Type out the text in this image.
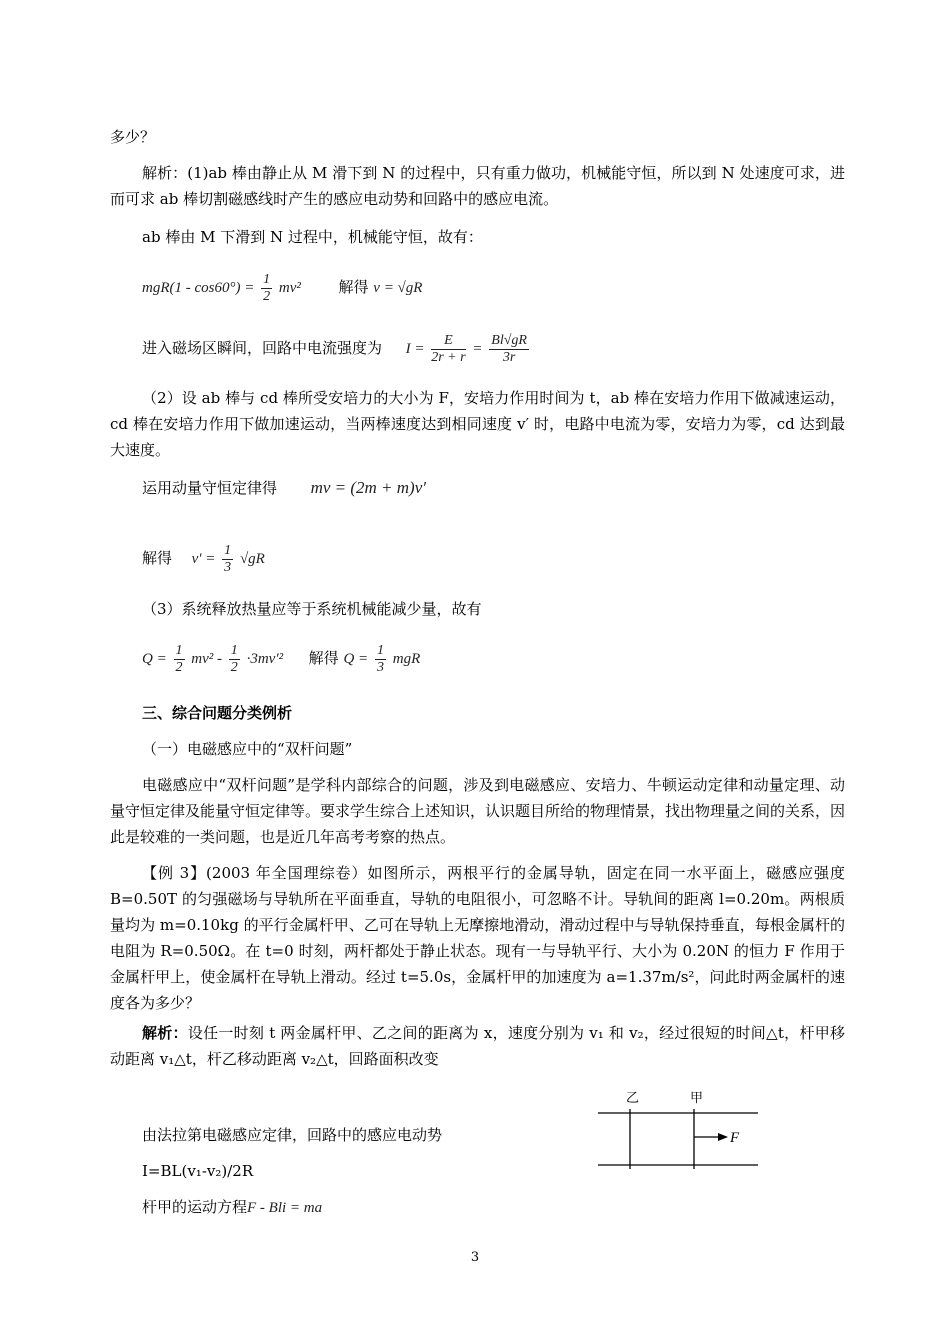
多少？
解析：(1)ab 棒由静止从 M 滑下到 N 的过程中，只有重力做功，机械能守恒，所以到 N 处速度可求，进而可求 ab 棒切割磁感线时产生的感应电动势和回路中的感应电流。
ab 棒由 M 下滑到 N 过程中，机械能守恒，故有：
$mgR(1 - \cos 60^\circ) = \frac{1}{2} mv^2$	解得 v = √gR
进入磁场区瞬间，回路中电流强度为 $I = \frac{E}{2r + r} = \frac{Bl√gR}{3r}$
（2）设 ab 棒与 cd 棒所受安培力的大小为 F，安培力作用时间为 t，ab 棒在安培力作用下做减速运动，cd 棒在安培力作用下做加速运动，当两棒速度达到相同速度 v′ 时，电路中电流为零，安培力为零，cd 达到最大速度。
运用动量守恒定律得 mv = (2m + m)v′
解得 $v' = \frac{1}{3} √gR$
（3）系统释放热量应等于系统机械能减少量，故有
$Q = \frac{1}{2} mv^2 - \frac{1}{2} \cdot 3mv'^2$ 解得 $Q = \frac{1}{3}$ mgR
三、综合问题分类例析
（一）电磁感应中的“双杆问题”
电磁感应中“双杆问题”是学科内部综合的问题，涉及到电磁感应、安培力、牛顿运动定律和动量定理、动量守恒定律及能量守恒定律等。要求学生综合上述知识，认识题目所给的物理情景，找出物理量之间的关系，因此是较难的一类问题，也是近几年高考考察的热点。
【例 3】(2003 年全国理综卷）如图所示，两根平行的金属导轨，固定在同一水平面上，磁感应强度 B=0.50T 的匀强磁场与导轨所在平面垂直，导轨的电阻很小，可忽略不计。导轨间的距离 l=0.20m。两根质量均为 m=0.10kg 的平行金属杆甲、乙可在导轨上无摩擦地滑动，滑动过程中与导轨保持垂直，每根金属杆的电阻为 R=0.50Ω。在 t=0 时刻，两杆都处于静止状态。现有一与导轨平行、大小为 0.20N 的恒力 F 作用于金属杆甲上，使金属杆在导轨上滑动。经过 t=5.0s，金属杆甲的加速度为 a=1.37m/s²，问此时两金属杆的速度各为多少？
解析：设任一时刻 t 两金属杆甲、乙之间的距离为 x，速度分别为 v₁ 和 v₂，经过很短的时间△t，杆甲移动距离 v₁△t，杆乙移动距离 v₂△t，回路面积改变
由法拉第电磁感应定律，回路中的感应电动势
I=BL(v₁-v₂)/2R
杆甲的运动方程F - Bli = ma
乙	甲
F
3
